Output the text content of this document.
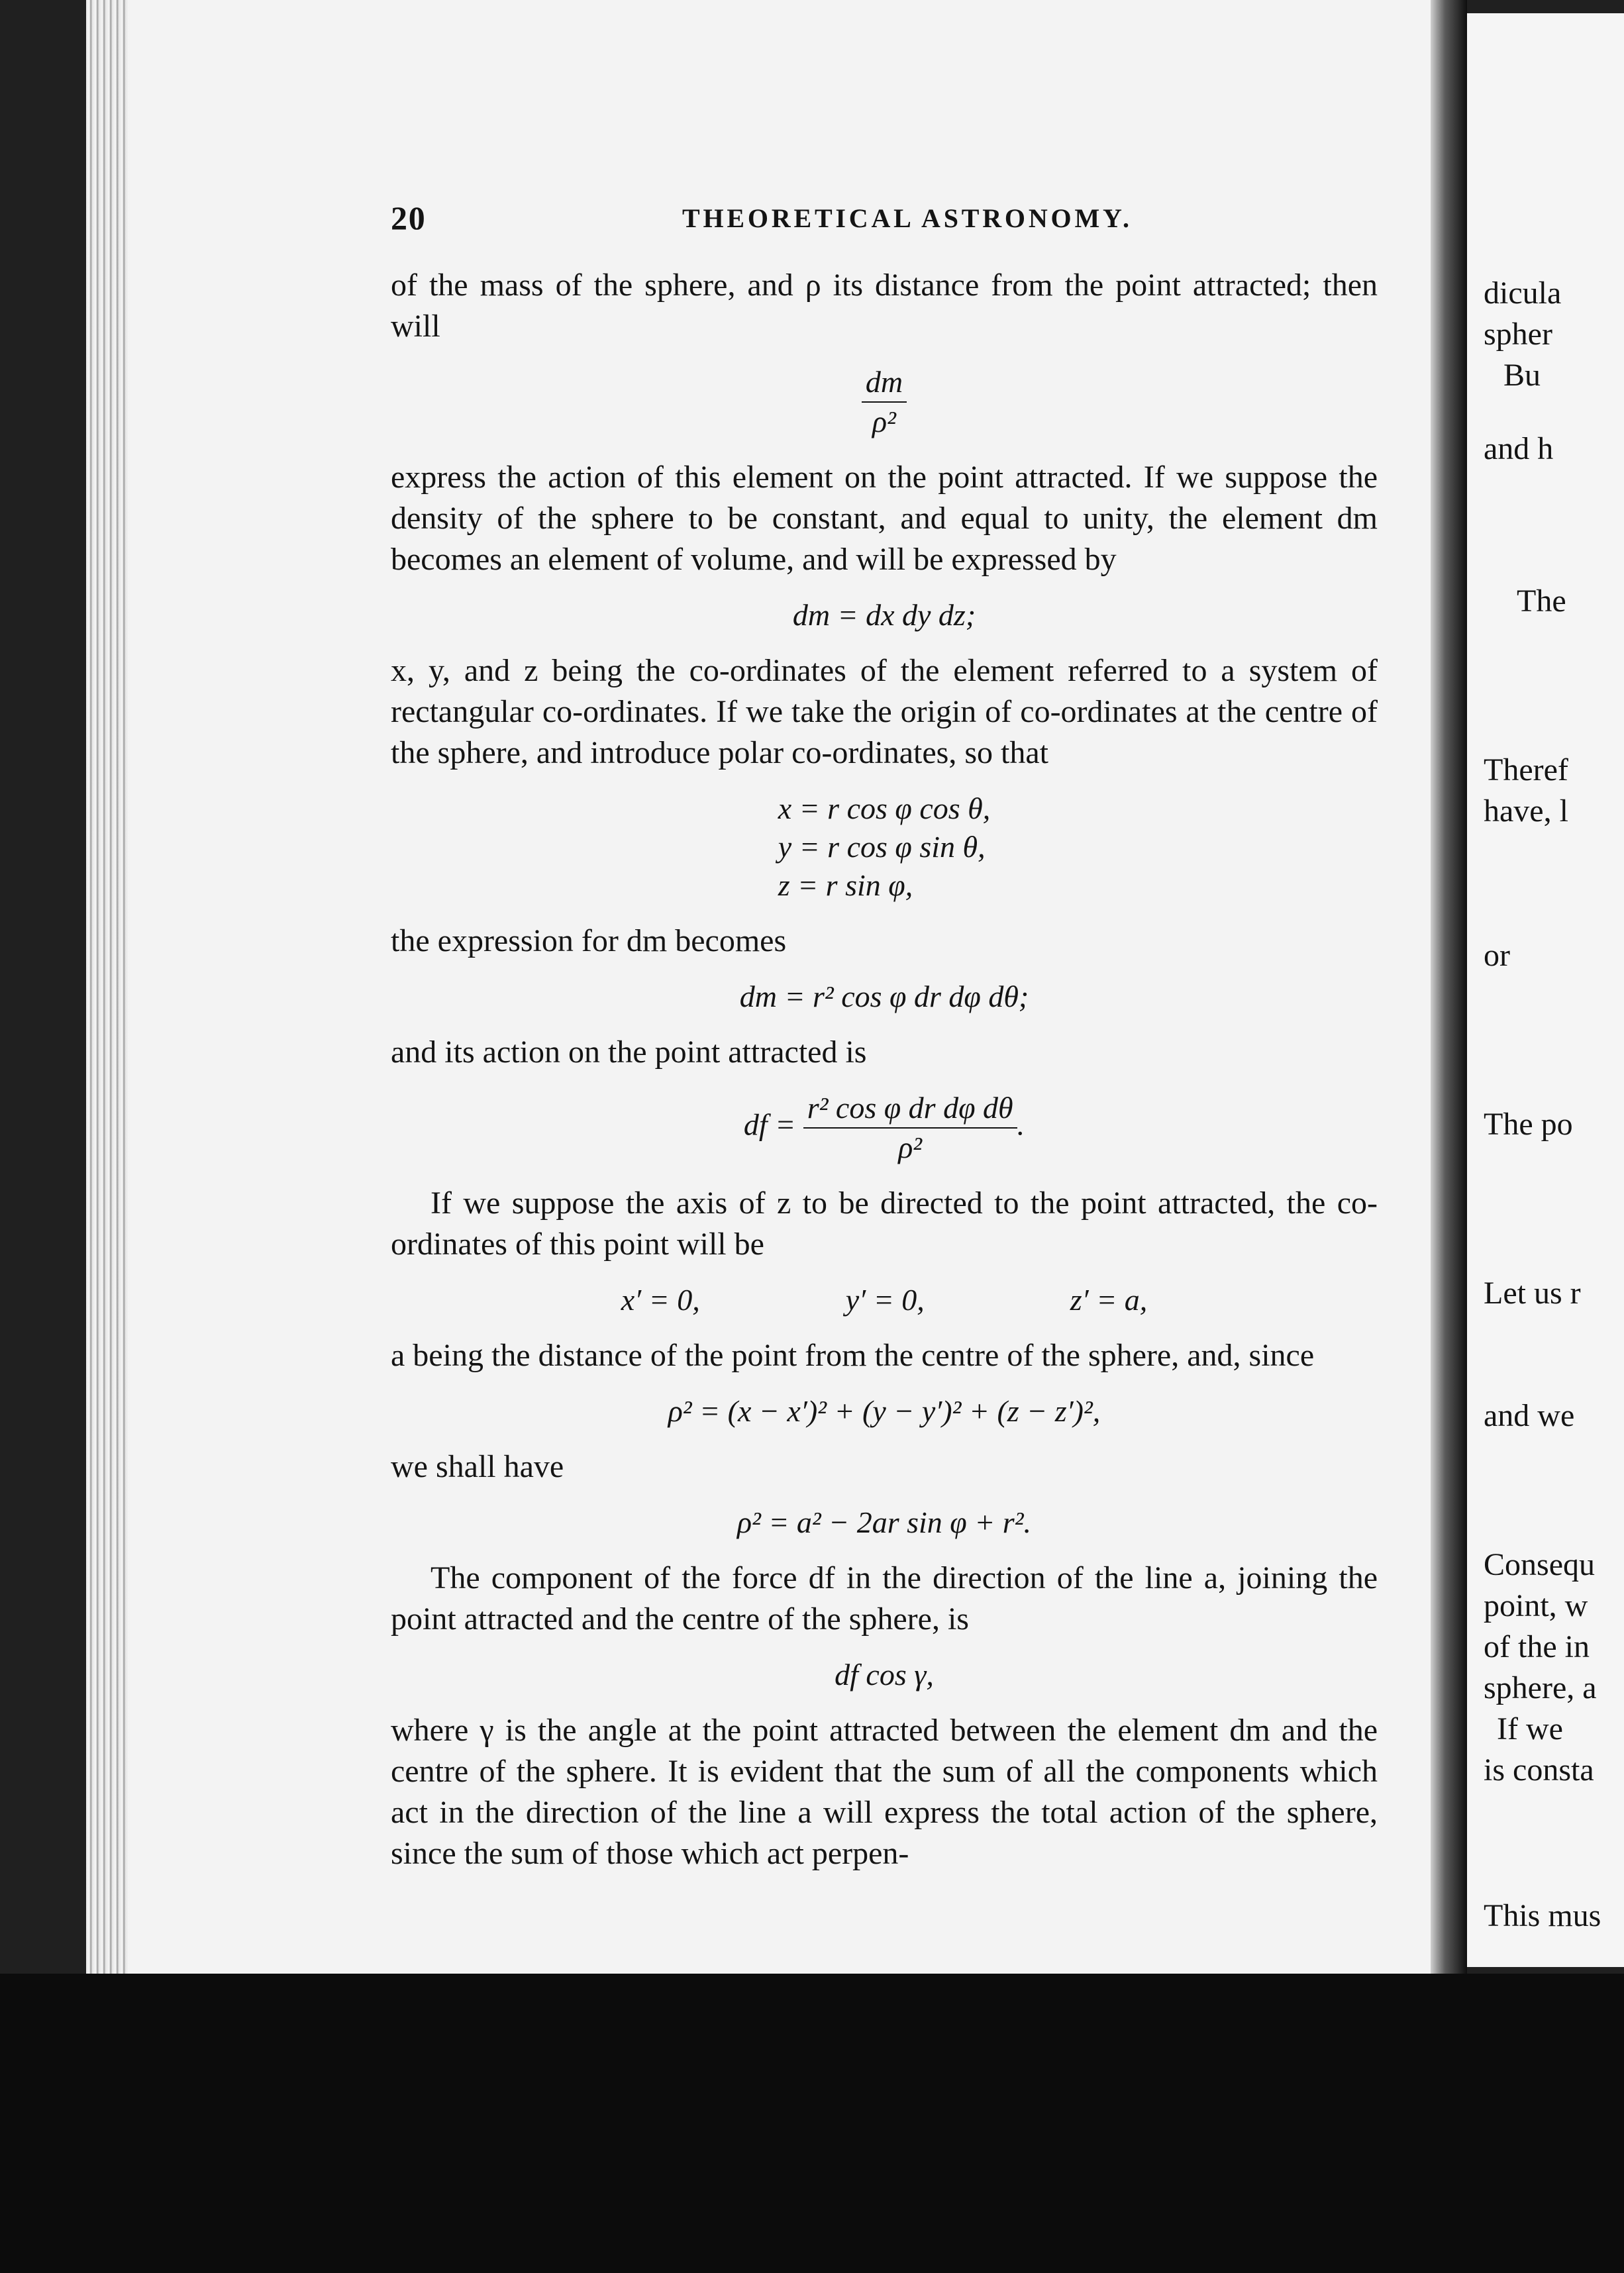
20	THEORETICAL ASTRONOMY.

of the mass of the sphere, and ρ its distance from the point attracted; then will

$\frac{dm}{\text{ρ²}}$

express the action of this element on the point attracted. If we suppose the density of the sphere to be constant, and equal to unity, the element dm becomes an element of volume, and will be expressed by

dm = dx dy dz;

x, y, and z being the co-ordinates of the element referred to a system of rectangular co-ordinates. If we take the origin of co-ordinates at the centre of the sphere, and introduce polar co-ordinates, so that

x = r cos φ cos θ,
y = r cos φ sin θ,
z = r sin φ,

the expression for dm becomes

dm = r² cos φ dr dφ dθ;

and its action on the point attracted is

df = $\frac{\text{r² cos φ dr dφ dθ}}{\text{ρ²}}$ .

If we suppose the axis of z to be directed to the point attracted, the co-ordinates of this point will be

x′ = 0,	y′ = 0,	z′ = a,

a being the distance of the point from the centre of the sphere, and, since

ρ² = (x − x′)² + (y − y′)² + (z − z′)²,

we shall have

ρ² = a² − 2ar sin φ + r².

The component of the force df in the direction of the line a, joining the point attracted and the centre of the sphere, is

df cos γ,

where γ is the angle at the point attracted between the element dm and the centre of the sphere. It is evident that the sum of all the components which act in the direction of the line a will express the total action of the sphere, since the sum of those which act perpen-

dicula
spher
Bu
and h
The
Theref
have, l
or
The po
Let us r
and we
Consequ
point, w
of the in
sphere, a
If we
is consta
This mus
